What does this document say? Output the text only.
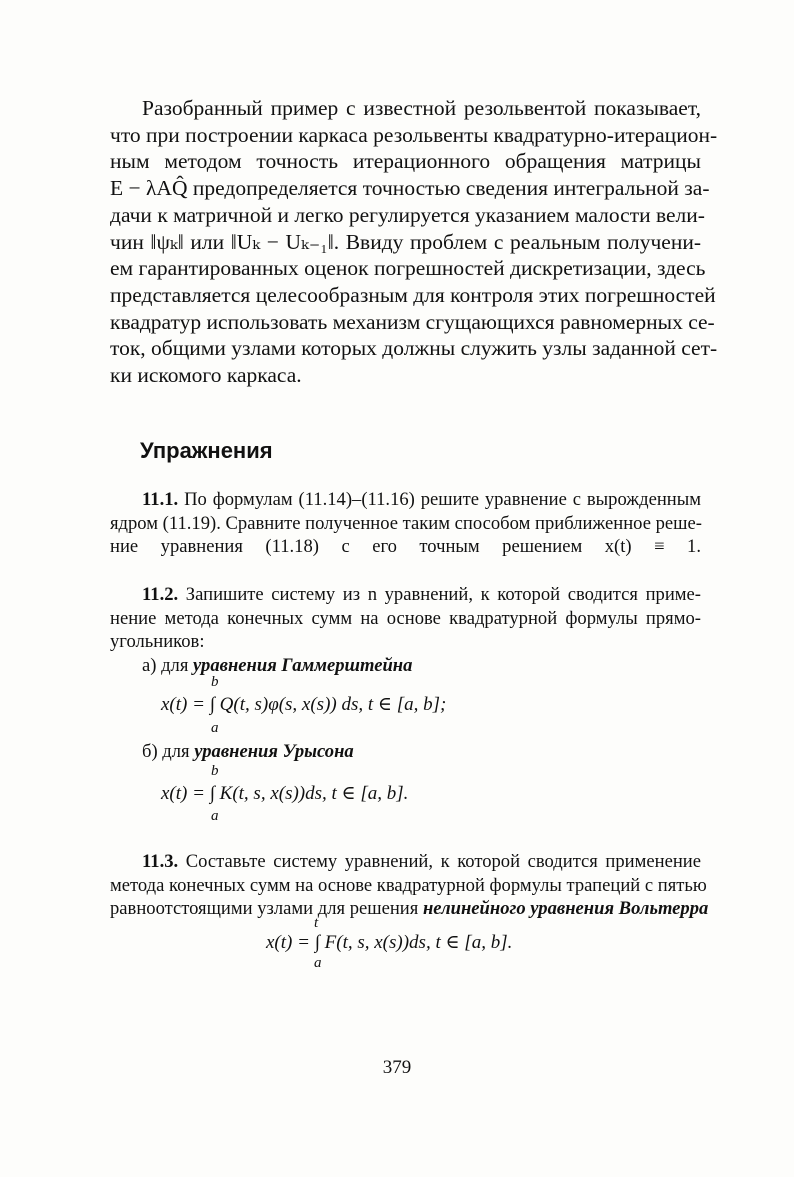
Разобранный пример с известной резольвентой показывает,
что при построении каркаса резольвенты квадратурно-итерацион-
ным методом точность итерационного обращения матрицы
E − λAQ̂ предопределяется точностью сведения интегральной за-
дачи к матричной и легко регулируется указанием малости вели-
чин ‖ψₖ‖ или ‖Uₖ − Uₖ₋₁‖. Ввиду проблем с реальным получени-
ем гарантированных оценок погрешностей дискретизации, здесь
представляется целесообразным для контроля этих погрешностей
квадратур использовать механизм сгущающихся равномерных се-
ток, общими узлами которых должны служить узлы заданной сет-
ки искомого каркаса.
Упражнения
11.1. По формулам (11.14)–(11.16) решите уравнение с вырожденным
ядром (11.19). Сравните полученное таким способом приближенное реше-
ние уравнения (11.18) с его точным решением x(t) ≡ 1.
11.2. Запишите систему из n уравнений, к которой сводится приме-
нение метода конечных сумм на основе квадратурной формулы прямо-
угольников:
а) для уравнения Гаммерштейна
b
x(t) = ∫ Q(t, s)φ(s, x(s)) ds, t ∈ [a, b];
a
б) для уравнения Урысона
b
x(t) = ∫ K(t, s, x(s))ds, t ∈ [a, b].
a
11.3. Составьте систему уравнений, к которой сводится применение
метода конечных сумм на основе квадратурной формулы трапеций с пятью
равноотстоящими узлами для решения нелинейного уравнения Вольтерра
t
x(t) = ∫ F(t, s, x(s))ds, t ∈ [a, b].
a
379
